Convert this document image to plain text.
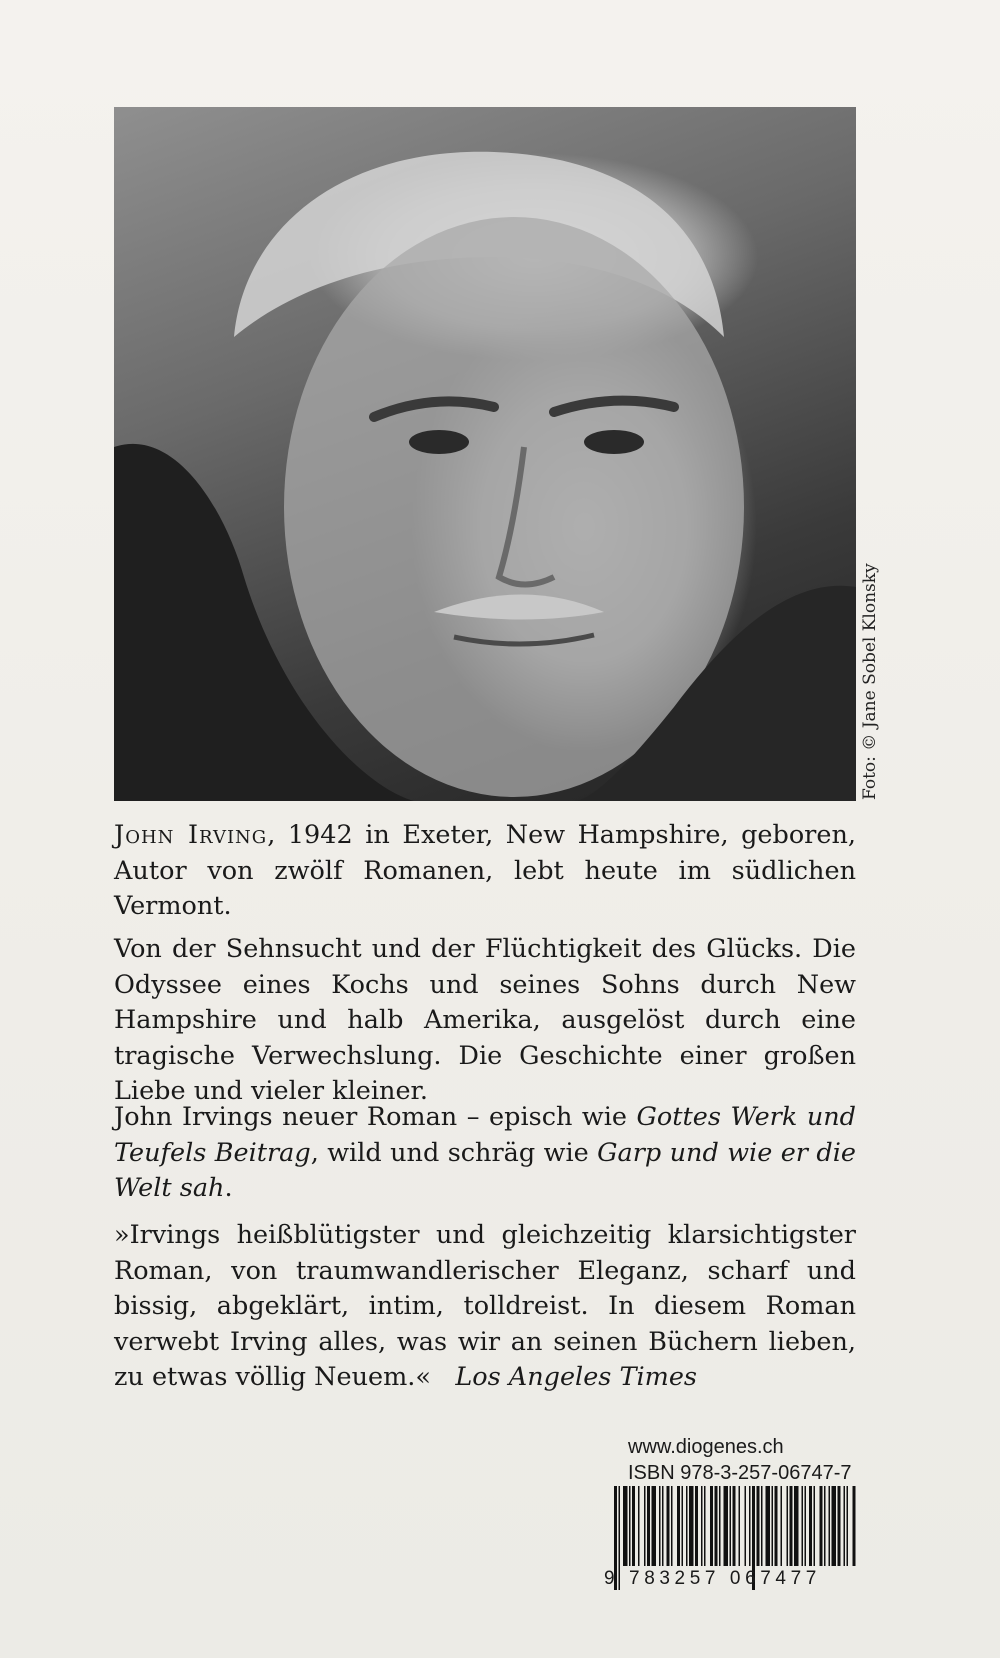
Foto: © Jane Sobel Klonsky
John Irving, 1942 in Exeter, New Hampshire, geboren, Autor von zwölf Romanen, lebt heute im südlichen Vermont.
Von der Sehnsucht und der Flüchtigkeit des Glücks. Die Odyssee eines Kochs und seines Sohns durch New Hampshire und halb Amerika, ausgelöst durch eine tragische Verwechslung. Die Geschichte einer großen Liebe und vieler kleiner.
John Irvings neuer Roman – episch wie Gottes Werk und Teufels Beitrag, wild und schräg wie Garp und wie er die Welt sah.
»Irvings heißblütigster und gleichzeitig klarsichtigster Roman, von traumwandlerischer Eleganz, scharf und bissig, abgeklärt, intim, tolldreist. In diesem Roman verwebt Irving alles, was wir an seinen Büchern lieben, zu etwas völlig Neuem.« Los Angeles Times
www.diogenes.ch
ISBN 978-3-257-06747-7
9 783257 067477
